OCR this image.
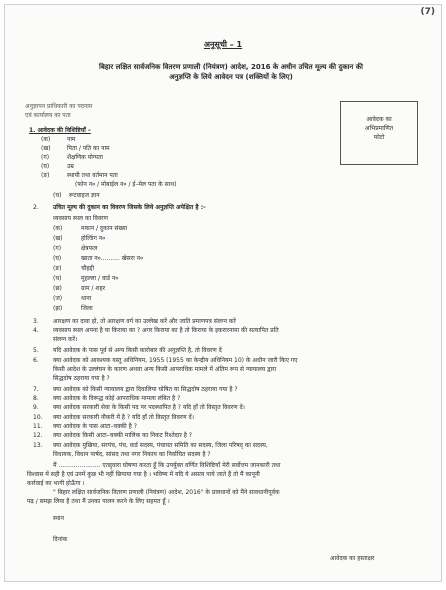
(7)
अनुसूची – 1
बिहार लक्षित सार्वजनिक वितरण प्रणाली (नियंत्रण) आदेश, 2016 के अधीन उचित मूल्य की दुकान की
अनुज्ञप्ति के लिये आवेदन पत्र (शक्तियों के लिए)
अनुज्ञापन प्राधिकारी का पदनाम
एवं कार्यालय का पता
आवेदक का
अभिप्रमाणित
फोटो
1. आवेदक की विशिष्टियाँ –
(क)	नाम
(ख)	पिता / पति का नाम
(ग)	शैक्षणिक योग्यता
(घ)	उम्र
(ङ)	स्थायी तथा वर्तमान पता
(फोन न० / मोबाईल न० / ई–मेल पता के साथ)
(च) रूटवाइज ज्ञान
2. उचित मूल्य की दुकान का विवरण जिसके लिये अनुज्ञप्ति अपेक्षित है :-
व्यवसाय स्थल का विवरण
(क)	मकान / दुकान संख्या
(ख)	होल्डिंग न०
(ग)	क्षेत्रफल
(घ)	खाता न०.......... खेसरा न०
(ङ)	चौहद्दी
(च)	मुहल्ला / वार्ड न०
(छ)	ग्राम / शहर
(ज)	थाना
(झ)	जिला
3. आरक्षण का दावा हो, तो आरक्षण वर्ग का उल्लेख करें और जाति प्रमाणपत्र संलग्न करें
4. व्यवसाय स्थल अपना है या किराया का ? अगर किराया का है तो किराया के इकरारनामा की सत्यापित प्रति
संलग्न करें।
5. यदि आवेदक के पास पूर्व से अन्य किसी कारोबार की अनुज्ञप्ति है, तो विवरण दें
6. क्या आवेदक को आवश्यक वस्तु अधिनियम, 1955 (1955 का केन्द्रीय अधिनियम 10) के अधीन जारी किए गए
किसी आदेश के उल्लंघन के कारण अथवा अन्य किसी आपराधिक मामले में अंतिम रूप से न्यायालय द्वारा
सिद्धदोष ठहराया गया है ?
7. क्या आवेदक को किसी न्यायालय द्वारा दिवालिया घोषित या सिद्धदोष ठहराया गया है ?
8. क्या आवेदक के विरूद्ध कोई आपराधिक मामला लंबित है ?
9. क्या आवेदक सरकारी सेवा के किसी पद पर पदस्थापित है ? यदि हाँ तो विस्तृत विवरण दें।
10. क्या आवेदक सरकारी नौकरी में है ? यदि हाँ तो विस्तृत विवरण दें।
11. क्या आवेदक के पास आटा–चक्की है ?
12. क्या आवेदक किसी आटा–चक्की मालिक का निकट रिश्तेदार है ?
13. क्या आवेदक मुखिया, सरपंच, पंच, वार्ड सदस्य, पंचायत समिति का सदस्य, जिला परिषद् का सदस्य,
विधायक, विधान पार्षद, सांसद तथा नगर निकाय का निर्वाचित सदस्य है ?
मैं ...................... एतद्द्वारा घोषणा करता हूँ कि उपर्युक्त वर्णित विशिष्टियाँ मेरी सर्वोत्तम जानकारी तथा
विश्वास में सही है एवं उनमें कुछ भी नहीं छिपाया गया है । भविष्य में यदि ये असत्य पाये जाते हैं तो मैं कानूनी
कार्रवाई का भागी होऊँगा ।
" बिहार लक्षित सार्वजनिक वितरण प्रणाली (नियंत्रण) आदेश, 2016" के प्रावधानों को मैंने सावधानीपूर्वक
पढ़ / समझ लिया है तथा मैं उनका पालन करने के लिए सहमत हूँ ।
स्थान
दिनांक
आवेदक का हस्ताक्षर
